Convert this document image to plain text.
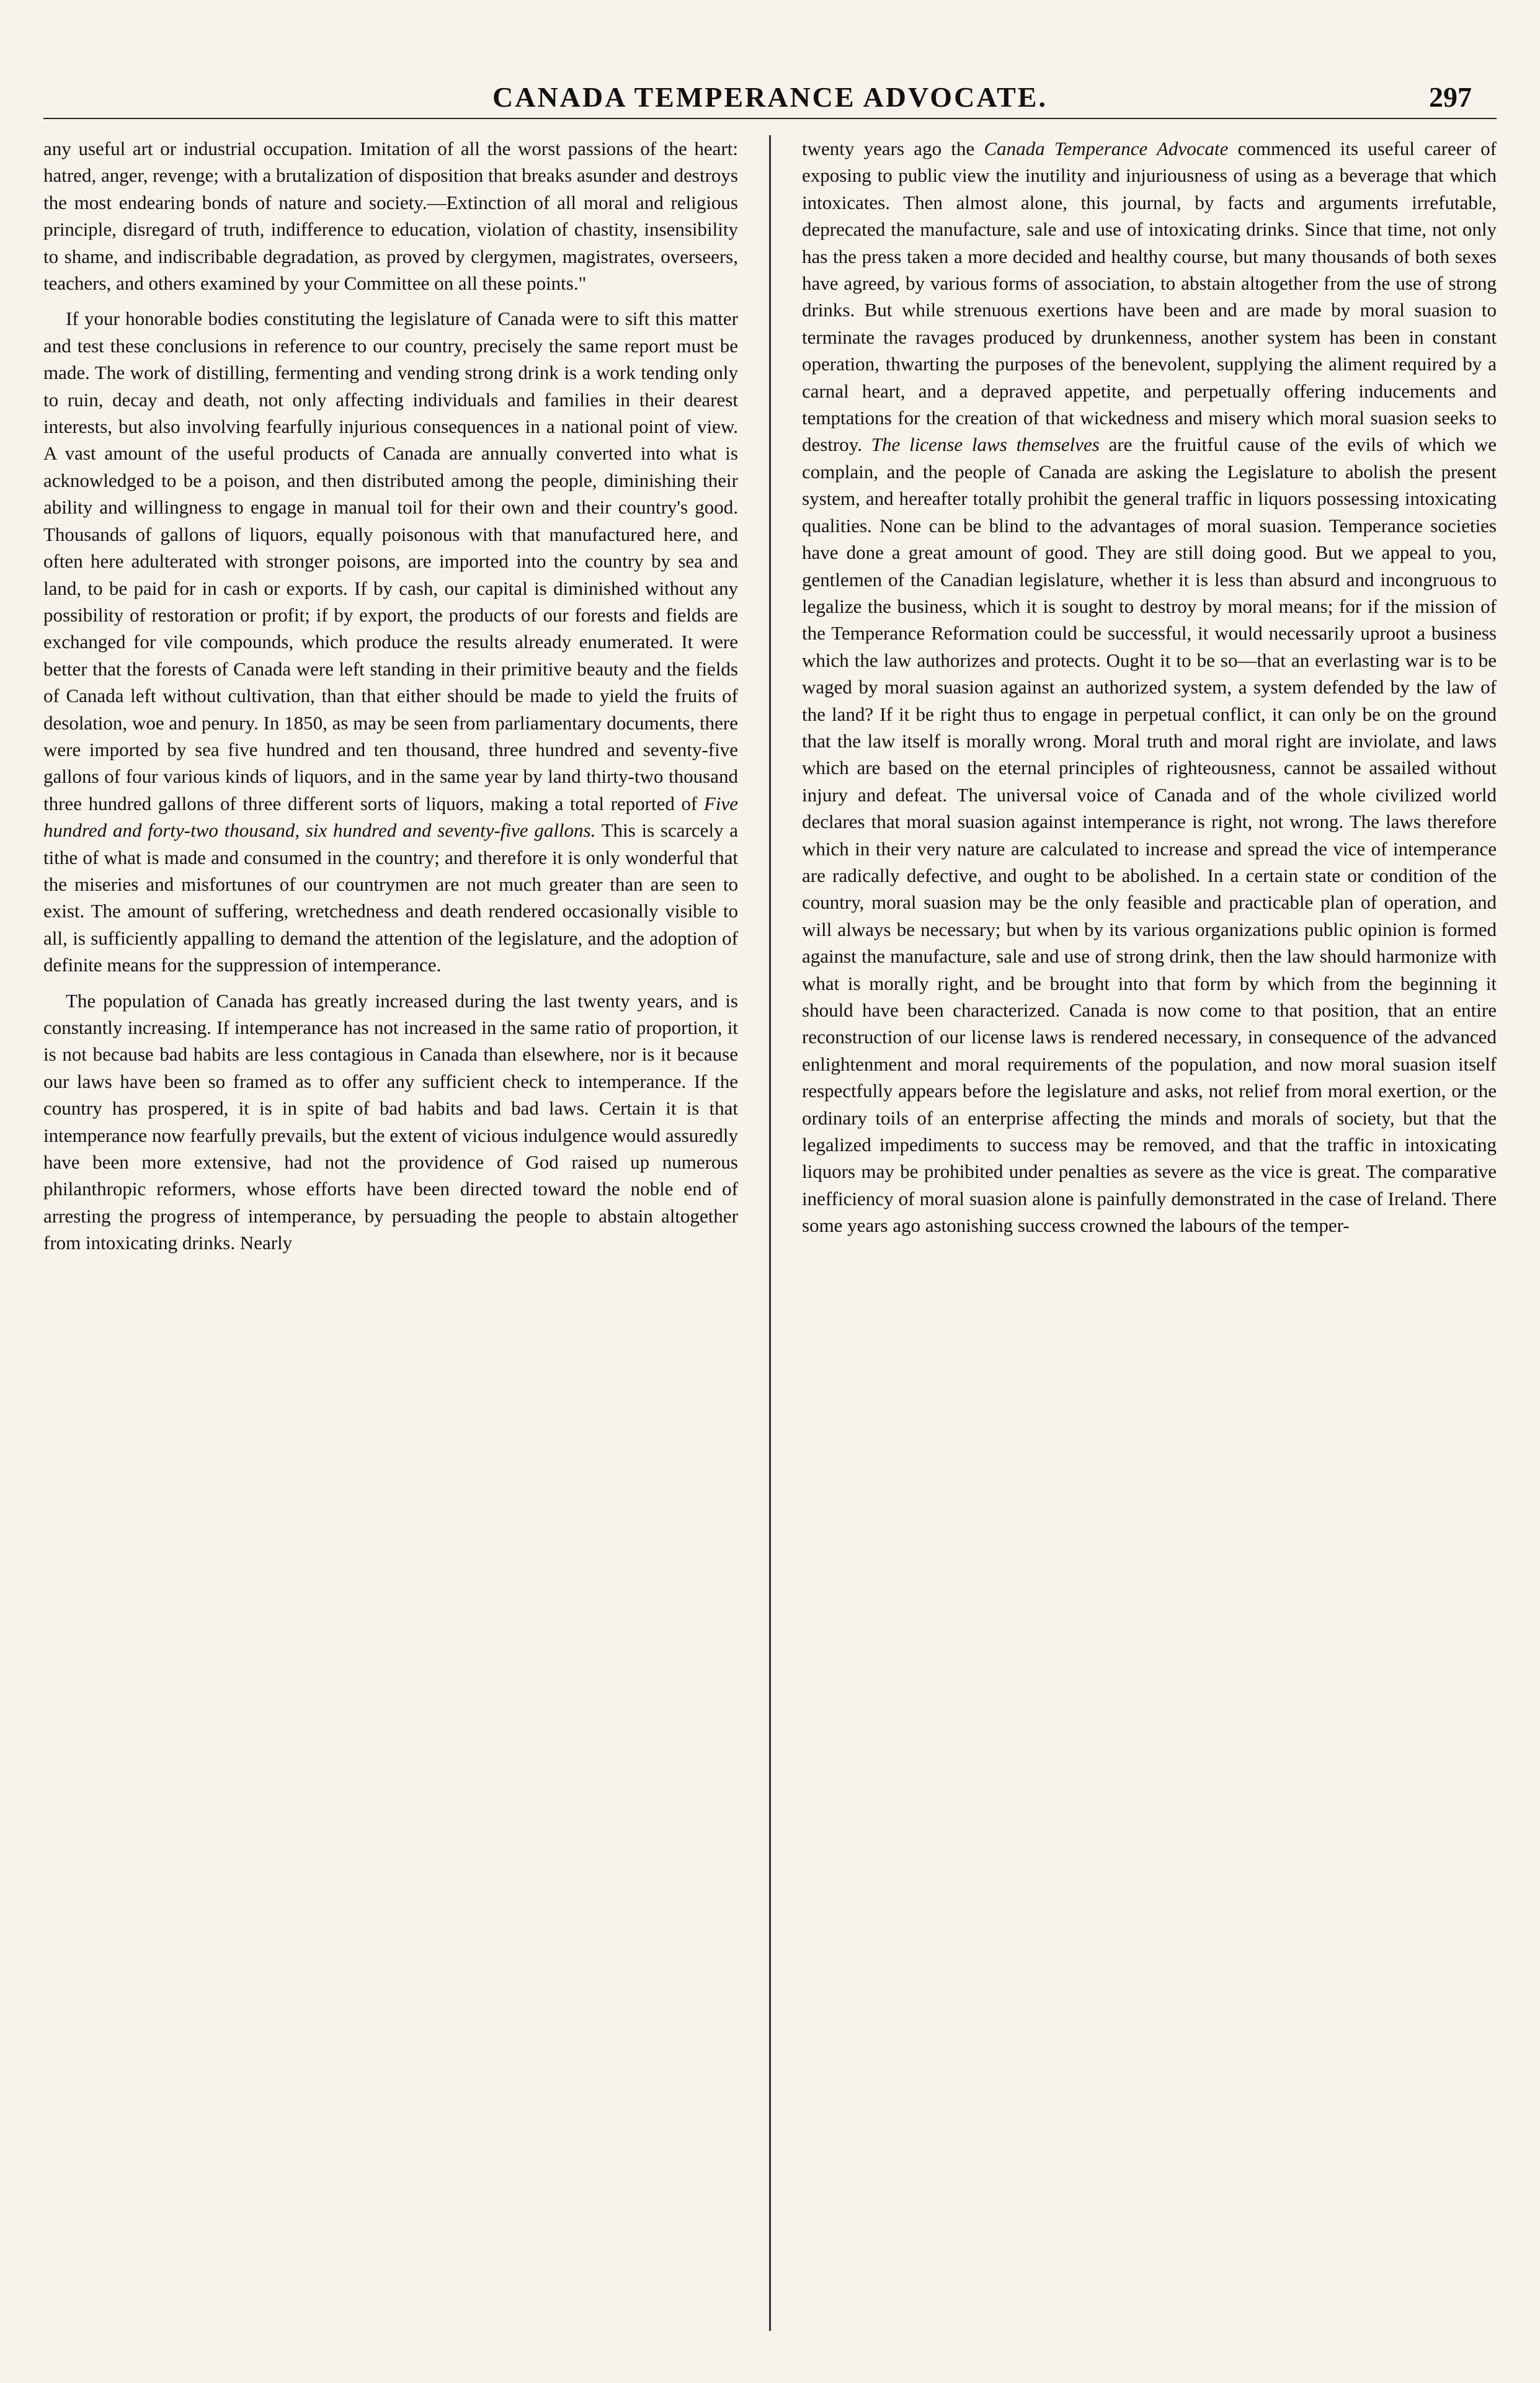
CANADA TEMPERANCE ADVOCATE.	297

any useful art or industrial occupation. Imitation of all the worst passions of the heart: hatred, anger, revenge; with a brutalization of disposition that breaks asunder and destroys the most endearing bonds of nature and society.—Extinction of all moral and religious principle, disregard of truth, indifference to education, violation of chastity, insensibility to shame, and indiscribable degradation, as proved by clergymen, magistrates, overseers, teachers, and others examined by your Committee on all these points."

If your honorable bodies constituting the legislature of Canada were to sift this matter and test these conclusions in reference to our country, precisely the same report must be made. The work of distilling, fermenting and vending strong drink is a work tending only to ruin, decay and death, not only affecting individuals and families in their dearest interests, but also involving fearfully injurious consequences in a national point of view. A vast amount of the useful products of Canada are annually converted into what is acknowledged to be a poison, and then distributed among the people, diminishing their ability and willingness to engage in manual toil for their own and their country's good. Thousands of gallons of liquors, equally poisonous with that manufactured here, and often here adulterated with stronger poisons, are imported into the country by sea and land, to be paid for in cash or exports. If by cash, our capital is diminished without any possibility of restoration or profit; if by export, the products of our forests and fields are exchanged for vile compounds, which produce the results already enumerated. It were better that the forests of Canada were left standing in their primitive beauty and the fields of Canada left without cultivation, than that either should be made to yield the fruits of desolation, woe and penury. In 1850, as may be seen from parliamentary documents, there were imported by sea five hundred and ten thousand, three hundred and seventy-five gallons of four various kinds of liquors, and in the same year by land thirty-two thousand three hundred gallons of three different sorts of liquors, making a total reported of Five hundred and forty-two thousand, six hundred and seventy-five gallons. This is scarcely a tithe of what is made and consumed in the country; and therefore it is only wonderful that the miseries and misfortunes of our countrymen are not much greater than are seen to exist. The amount of suffering, wretchedness and death rendered occasionally visible to all, is sufficiently appalling to demand the attention of the legislature, and the adoption of definite means for the suppression of intemperance.

The population of Canada has greatly increased during the last twenty years, and is constantly increasing. If intemperance has not increased in the same ratio of proportion, it is not because bad habits are less contagious in Canada than elsewhere, nor is it because our laws have been so framed as to offer any sufficient check to intemperance. If the country has prospered, it is in spite of bad habits and bad laws. Certain it is that intemperance now fearfully prevails, but the extent of vicious indulgence would assuredly have been more extensive, had not the providence of God raised up numerous philanthropic reformers, whose efforts have been directed toward the noble end of arresting the progress of intemperance, by persuading the people to abstain altogether from intoxicating drinks. Nearly

twenty years ago the Canada Temperance Advocate commenced its useful career of exposing to public view the inutility and injuriousness of using as a beverage that which intoxicates. Then almost alone, this journal, by facts and arguments irrefutable, deprecated the manufacture, sale and use of intoxicating drinks. Since that time, not only has the press taken a more decided and healthy course, but many thousands of both sexes have agreed, by various forms of association, to abstain altogether from the use of strong drinks. But while strenuous exertions have been and are made by moral suasion to terminate the ravages produced by drunkenness, another system has been in constant operation, thwarting the purposes of the benevolent, supplying the aliment required by a carnal heart, and a depraved appetite, and perpetually offering inducements and temptations for the creation of that wickedness and misery which moral suasion seeks to destroy. The license laws themselves are the fruitful cause of the evils of which we complain, and the people of Canada are asking the Legislature to abolish the present system, and hereafter totally prohibit the general traffic in liquors possessing intoxicating qualities. None can be blind to the advantages of moral suasion. Temperance societies have done a great amount of good. They are still doing good. But we appeal to you, gentlemen of the Canadian legislature, whether it is less than absurd and incongruous to legalize the business, which it is sought to destroy by moral means; for if the mission of the Temperance Reformation could be successful, it would necessarily uproot a business which the law authorizes and protects. Ought it to be so—that an everlasting war is to be waged by moral suasion against an authorized system, a system defended by the law of the land? If it be right thus to engage in perpetual conflict, it can only be on the ground that the law itself is morally wrong. Moral truth and moral right are inviolate, and laws which are based on the eternal principles of righteousness, cannot be assailed without injury and defeat. The universal voice of Canada and of the whole civilized world declares that moral suasion against intemperance is right, not wrong. The laws therefore which in their very nature are calculated to increase and spread the vice of intemperance are radically defective, and ought to be abolished. In a certain state or condition of the country, moral suasion may be the only feasible and practicable plan of operation, and will always be necessary; but when by its various organizations public opinion is formed against the manufacture, sale and use of strong drink, then the law should harmonize with what is morally right, and be brought into that form by which from the beginning it should have been characterized. Canada is now come to that position, that an entire reconstruction of our license laws is rendered necessary, in consequence of the advanced enlightenment and moral requirements of the population, and now moral suasion itself respectfully appears before the legislature and asks, not relief from moral exertion, or the ordinary toils of an enterprise affecting the minds and morals of society, but that the legalized impediments to success may be removed, and that the traffic in intoxicating liquors may be prohibited under penalties as severe as the vice is great. The comparative inefficiency of moral suasion alone is painfully demonstrated in the case of Ireland. There some years ago astonishing success crowned the labours of the temper-
